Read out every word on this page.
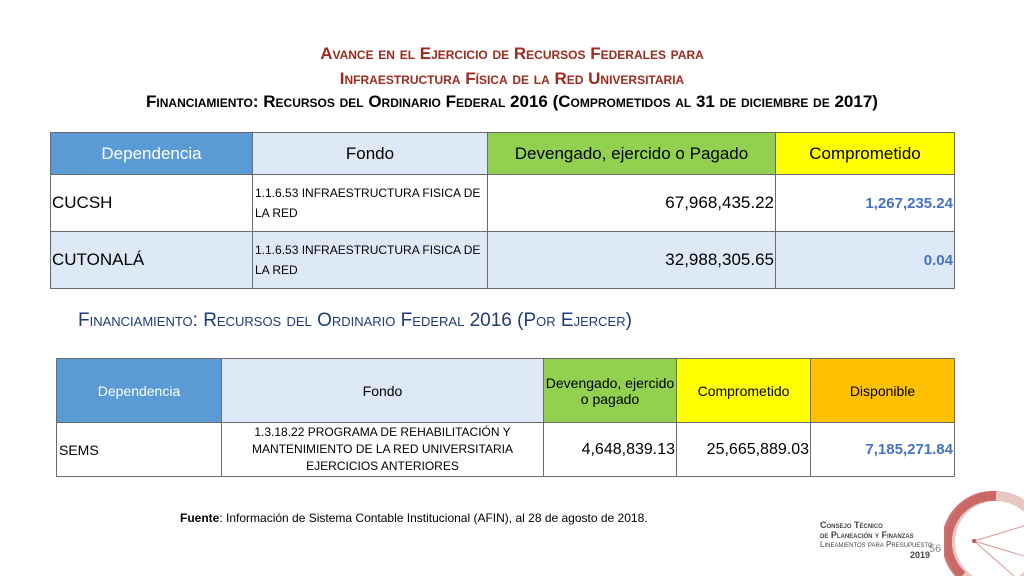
Avance en el Ejercicio de Recursos Federales para
Infraestructura Física de la Red Universitaria
Financiamiento: Recursos del Ordinario Federal 2016 (Comprometidos al 31 de diciembre de 2017)
Dependencia	Fondo	Devengado, ejercido o Pagado	Comprometido
CUCSH	1.1.6.53 INFRAESTRUCTURA FISICA DE LA RED	67,968,435.22	1,267,235.24
CUTONALÁ	1.1.6.53 INFRAESTRUCTURA FISICA DE LA RED	32,988,305.65	0.04
Financiamiento: Recursos del Ordinario Federal 2016 (Por Ejercer)
Dependencia	Fondo	Devengado, ejercido o pagado	Comprometido	Disponible
SEMS	1.3.18.22 PROGRAMA DE REHABILITACIÓN Y MANTENIMIENTO DE LA RED UNIVERSITARIA EJERCICIOS ANTERIORES	4,648,839.13	25,665,889.03	7,185,271.84
Fuente: Información de Sistema Contable Institucional (AFIN), al 28 de agosto de 2018.	Consejo Técnico
de Planeación y Finanzas
Lineamientos para Presupuesto
2019 56
